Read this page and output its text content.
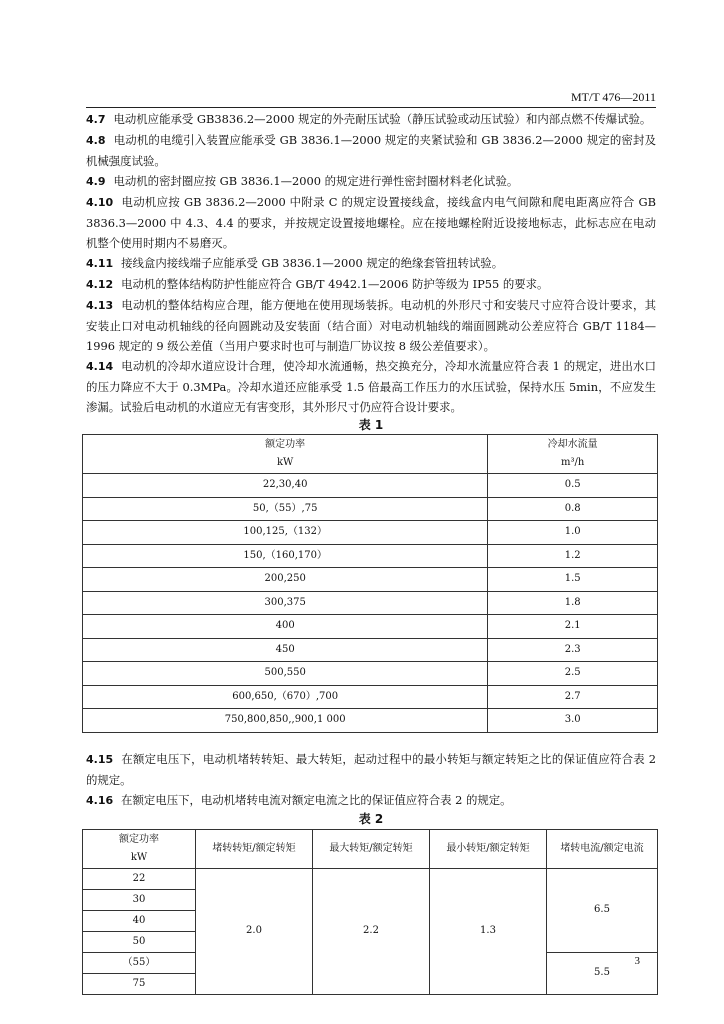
MT/T 476—2011

4.7 电动机应能承受 GB3836.2—2000 规定的外壳耐压试验（静压试验或动压试验）和内部点燃不传爆试验。

4.8 电动机的电缆引入装置应能承受 GB 3836.1—2000 规定的夹紧试验和 GB 3836.2—2000 规定的密封及机械强度试验。

4.9 电动机的密封圈应按 GB 3836.1—2000 的规定进行弹性密封圈材料老化试验。

4.10 电动机应按 GB 3836.2—2000 中附录 C 的规定设置接线盒，接线盒内电气间隙和爬电距离应符合 GB 3836.3—2000 中 4.3、4.4 的要求，并按规定设置接地螺栓。应在接地螺栓附近设接地标志，此标志应在电动机整个使用时期内不易磨灭。

4.11 接线盒内接线端子应能承受 GB 3836.1—2000 规定的绝缘套管扭转试验。

4.12 电动机的整体结构防护性能应符合 GB/T 4942.1—2006 防护等级为 IP55 的要求。

4.13 电动机的整体结构应合理，能方便地在使用现场装拆。电动机的外形尺寸和安装尺寸应符合设计要求，其安装止口对电动机轴线的径向圆跳动及安装面（结合面）对电动机轴线的端面圆跳动公差应符合 GB/T 1184—1996 规定的 9 级公差值（当用户要求时也可与制造厂协议按 8 级公差值要求）。

4.14 电动机的冷却水道应设计合理，使冷却水流通畅，热交换充分，冷却水流量应符合表 1 的规定，进出水口的压力降应不大于 0.3MPa。冷却水道还应能承受 1.5 倍最高工作压力的水压试验，保持水压 5min，不应发生渗漏。试验后电动机的水道应无有害变形，其外形尺寸仍应符合设计要求。

表 1

额定功率
kW	冷却水流量
m³/h
22,30,40	0.5
50,（55）,75	0.8
100,125,（132）	1.0
150,（160,170）	1.2
200,250	1.5
300,375	1.8
400	2.1
450	2.3
500,550	2.5
600,650,（670）,700	2.7
750,800,850,,900,1 000	3.0

4.15 在额定电压下，电动机堵转转矩、最大转矩，起动过程中的最小转矩与额定转矩之比的保证值应符合表 2 的规定。

4.16 在额定电压下，电动机堵转电流对额定电流之比的保证值应符合表 2 的规定。

表 2

额定功率
kW	堵转转矩/额定转矩	最大转矩/额定转矩	最小转矩/额定转矩	堵转电流/额定电流
22	2.0	2.2	1.3	6.5
30				
40				
50				
（55）				5.5
75				
3
